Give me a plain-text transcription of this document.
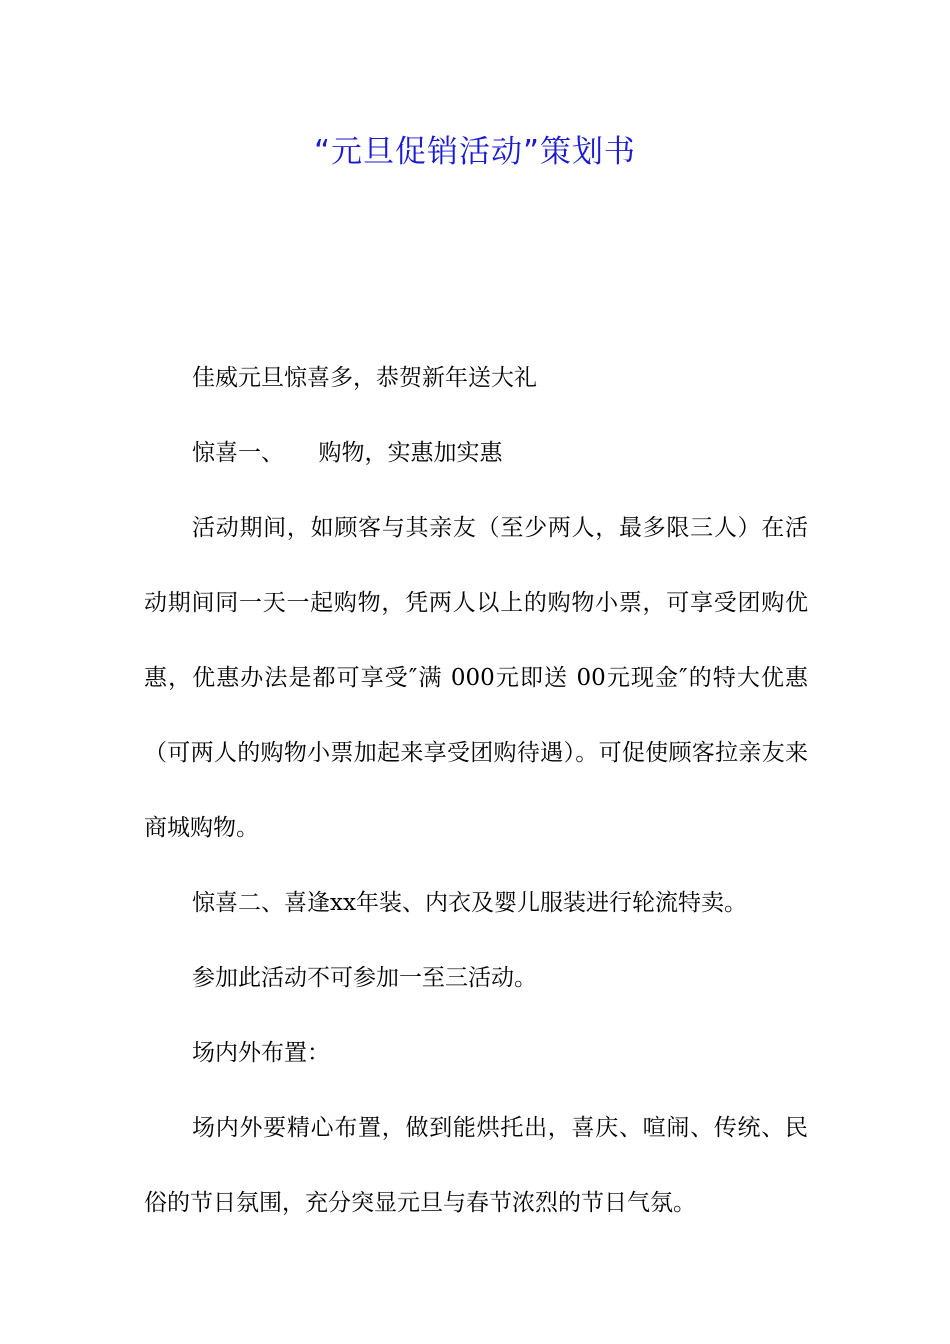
“元旦促销活动”策划书

佳威元旦惊喜多，恭贺新年送大礼

惊喜一、　　购物，实惠加实惠

活动期间，如顾客与其亲友（至少两人，最多限三人）在活动期间同一天一起购物，凭两人以上的购物小票，可享受团购优惠，优惠办法是都可享受″满 000元即送 00元现金″的特大优惠（可两人的购物小票加起来享受团购待遇）。可促使顾客拉亲友来商城购物。

惊喜二、喜逢xx年装、内衣及婴儿服装进行轮流特卖。

参加此活动不可参加一至三活动。

场内外布置：

场内外要精心布置，做到能烘托出，喜庆、喧闹、传统、民俗的节日氛围，充分突显元旦与春节浓烈的节日气氛。
